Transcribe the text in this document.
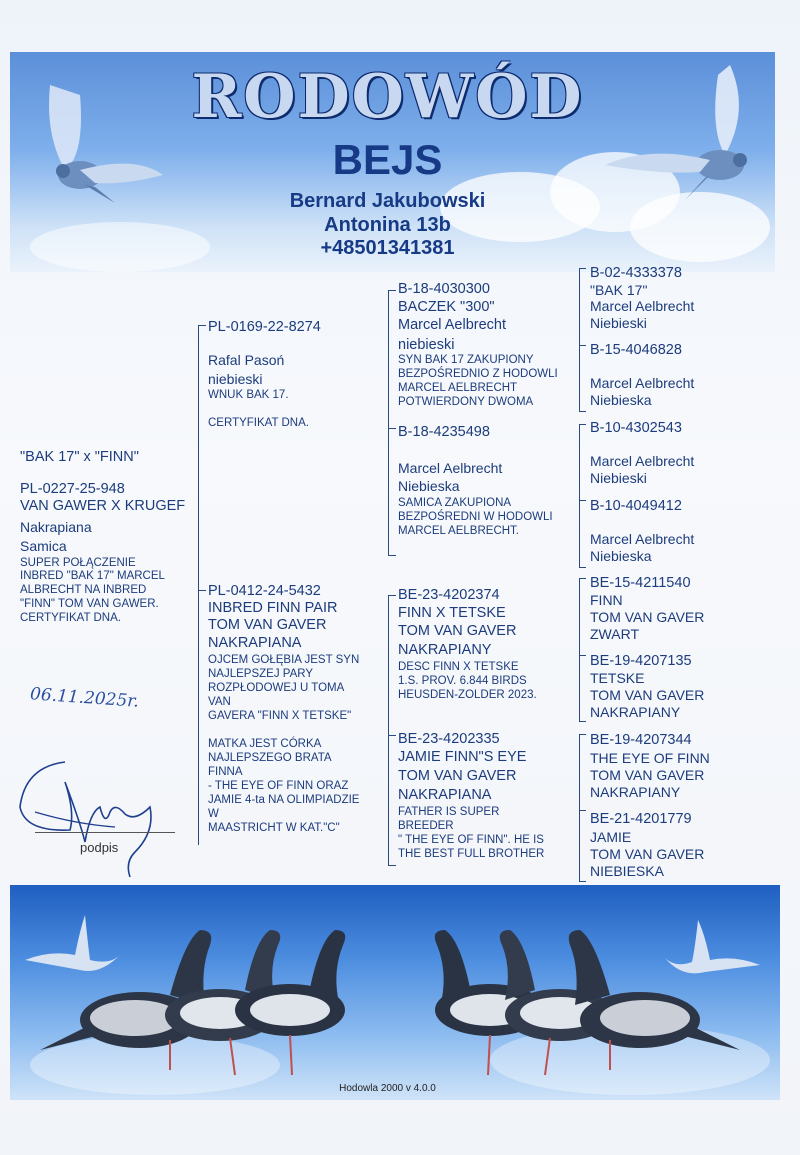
RODOWÓD
BEJS
Bernard Jakubowski
Antonina 13b
+48501341381
"BAK 17" x "FINN"
PL-0227-25-948
VAN GAWER X KRUGEF
Nakrapiana
Samica
SUPER POŁĄCZENIE
INBRED "BAK 17" MARCEL
ALBRECHT NA INBRED
"FINN" TOM VAN GAWER.
CERTYFIKAT DNA.
PL-0169-22-8274
Rafal Pasoń
niebieski
WNUK BAK 17.
CERTYFIKAT DNA.
PL-0412-24-5432
INBRED FINN PAIR
TOM VAN GAVER
NAKRAPIANA
OJCEM GOŁĘBIA JEST SYN
NAJLEPSZEJ PARY
ROZPŁODOWEJ U TOMA
VAN
GAVERA "FINN X TETSKE"
MATKA JEST CÓRKA
NAJLEPSZEGO BRATA
FINNA
- THE EYE OF FINN ORAZ
JAMIE 4-ta NA OLIMPIADZIE
W
MAASTRICHT W KAT."C"
B-18-4030300
BACZEK "300"
Marcel Aelbrecht
niebieski
SYN BAK 17 ZAKUPIONY
BEZPOŚREDNIO Z HODOWLI
MARCEL AELBRECHT
POTWIERDONY DWOMA
B-18-4235498
Marcel Aelbrecht
Niebieska
SAMICA ZAKUPIONA
BEZPOŚREDNI W HODOWLI
MARCEL AELBRECHT.
BE-23-4202374
FINN X TETSKE
TOM VAN GAVER
NAKRAPIANY
DESC FINN X TETSKE
1.S. PROV. 6.844 BIRDS
HEUSDEN-ZOLDER 2023.
BE-23-4202335
JAMIE FINN"S EYE
TOM VAN GAVER
NAKRAPIANA
FATHER IS SUPER
BREEDER
" THE EYE OF FINN". HE IS
THE BEST FULL BROTHER
B-02-4333378
"BAK 17"
Marcel Aelbrecht
Niebieski
B-15-4046828
Marcel Aelbrecht
Niebieska
B-10-4302543
Marcel Aelbrecht
Niebieski
B-10-4049412
Marcel Aelbrecht
Niebieska
BE-15-4211540
FINN
TOM VAN GAVER
ZWART
BE-19-4207135
TETSKE
TOM VAN GAVER
NAKRAPIANY
BE-19-4207344
THE EYE OF FINN
TOM VAN GAVER
NAKRAPIANY
BE-21-4201779
JAMIE
TOM VAN GAVER
NIEBIESKA
06.11.2025r.
podpis
Hodowla 2000 v 4.0.0
